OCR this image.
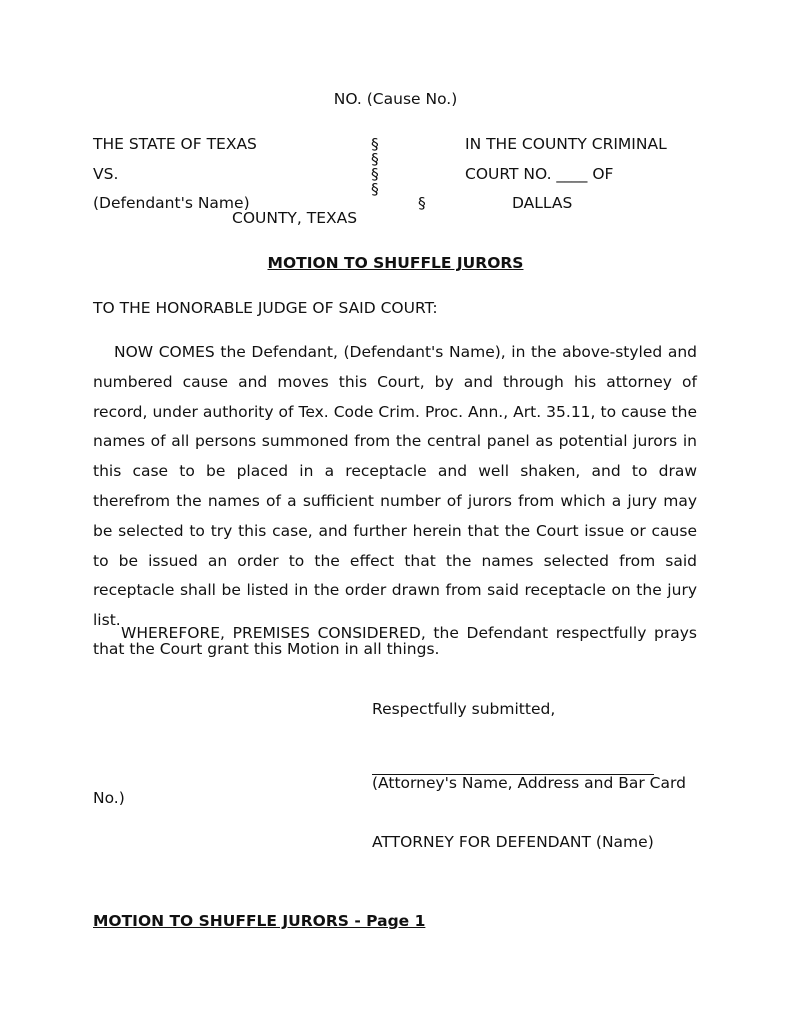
NO. (Cause No.)
THE STATE OF TEXAS
VS.
(Defendant's Name)
COUNTY, TEXAS
§
§
§
§
§
IN THE COUNTY CRIMINAL
COURT NO. ____ OF
DALLAS
MOTION TO SHUFFLE JURORS
TO THE HONORABLE JUDGE OF SAID COURT:
NOW COMES the Defendant, (Defendant's Name), in the above-styled and numbered cause and moves this Court, by and through his attorney of record, under authority of Tex. Code Crim. Proc. Ann., Art. 35.11, to cause the names of all persons summoned from the central panel as potential jurors in this case to be placed in a receptacle and well shaken, and to draw therefrom the names of a sufficient number of jurors from which a jury may be selected to try this case, and further herein that the Court issue or cause to be issued an order to the effect that the names selected from said receptacle shall be listed in the order drawn from said receptacle on the jury list.
WHEREFORE, PREMISES CONSIDERED, the Defendant respectfully prays that the Court grant this Motion in all things.
Respectfully submitted,
(Attorney's Name, Address and Bar Card
No.)
ATTORNEY FOR DEFENDANT (Name)
MOTION TO SHUFFLE JURORS - Page 1
